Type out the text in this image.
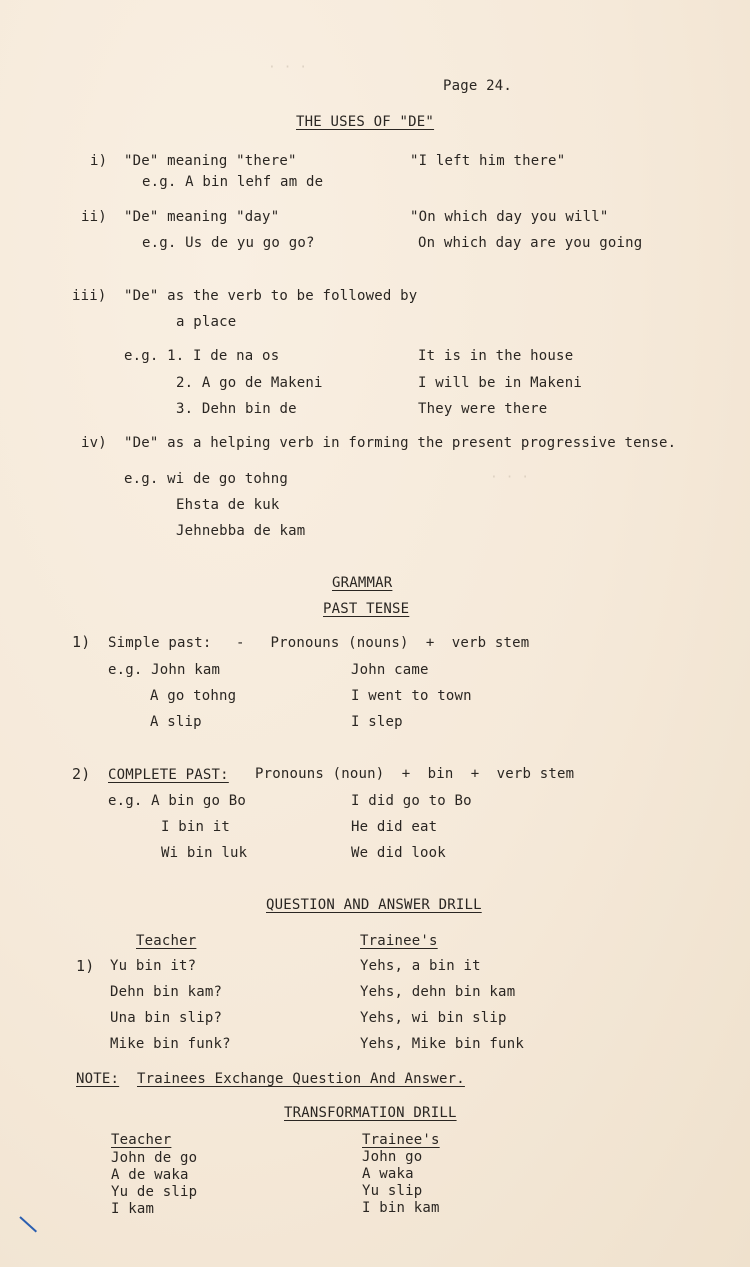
· · ·
· · ·
Page 24.
THE USES OF "DE"
i) "De" meaning "there"	"I left him there"
e.g. A bin lehf am de
ii) "De" meaning "day"	"On which day you will"
e.g. Us de yu go go?	On which day are you going
iii) "De" as the verb to be followed by
a place
e.g. 1. I de na os	It is in the house
2. A go de Makeni	I will be in Makeni
3. Dehn bin de	They were there
iv) "De" as a helping verb in forming the present progressive tense.
e.g. wi de go tohng
Ehsta de kuk
Jehnebba de kam
GRAMMAR
PAST TENSE
1) Simple past: -   Pronouns (nouns)  +  verb stem
e.g. John kam	John came
A go tohng	I went to town
A slip	I slep
2) COMPLETE PAST: Pronouns (noun)  +  bin  +  verb stem
e.g. A bin go Bo	I did go to Bo
I bin it	He did eat
Wi bin luk	We did look
QUESTION AND ANSWER DRILL
Teacher	Trainee's
1) Yu bin it?	Yehs, a bin it
Dehn bin kam?	Yehs, dehn bin kam
Una bin slip?	Yehs, wi bin slip
Mike bin funk?	Yehs, Mike bin funk
NOTE: Trainees Exchange Question And Answer.
TRANSFORMATION DRILL
Teacher	Trainee's
John de go	John go
A de waka	A waka
Yu de slip	Yu slip
I kam	I bin kam
